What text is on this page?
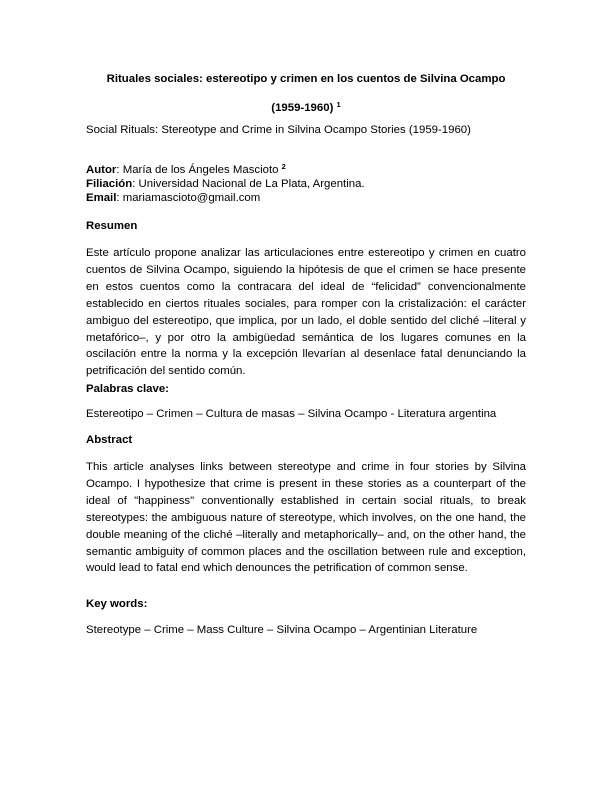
Rituales sociales: estereotipo y crimen en los cuentos de Silvina Ocampo
(1959-1960) $^1$
Social Rituals: Stereotype and Crime in Silvina Ocampo Stories (1959-1960)
Autor: María de los Ángeles Mascioto $^2$
Filiación: Universidad Nacional de La Plata, Argentina.
Email: mariamascioto@gmail.com
Resumen
Este artículo propone analizar las articulaciones entre estereotipo y crimen en cuatro cuentos de Silvina Ocampo, siguiendo la hipótesis de que el crimen se hace presente en estos cuentos como la contracara del ideal de “felicidad” convencionalmente establecido en ciertos rituales sociales, para romper con la cristalización: el carácter ambiguo del estereotipo, que implica, por un lado, el doble sentido del cliché –literal y metafórico–, y por otro la ambigüedad semántica de los lugares comunes en la oscilación entre la norma y la excepción llevarían al desenlace fatal denunciando la petrificación del sentido común.
Palabras clave:
Estereotipo – Crimen – Cultura de masas – Silvina Ocampo - Literatura argentina
Abstract
This article analyses links between stereotype and crime in four stories by Silvina Ocampo. I hypothesize that crime is present in these stories as a counterpart of the ideal of "happiness" conventionally established in certain social rituals, to break stereotypes: the ambiguous nature of stereotype, which involves, on the one hand, the double meaning of the cliché –literally and metaphorically– and, on the other hand, the semantic ambiguity of common places and the oscillation between rule and exception, would lead to fatal end which denounces the petrification of common sense.
Key words:
Stereotype – Crime – Mass Culture – Silvina Ocampo – Argentinian Literature
